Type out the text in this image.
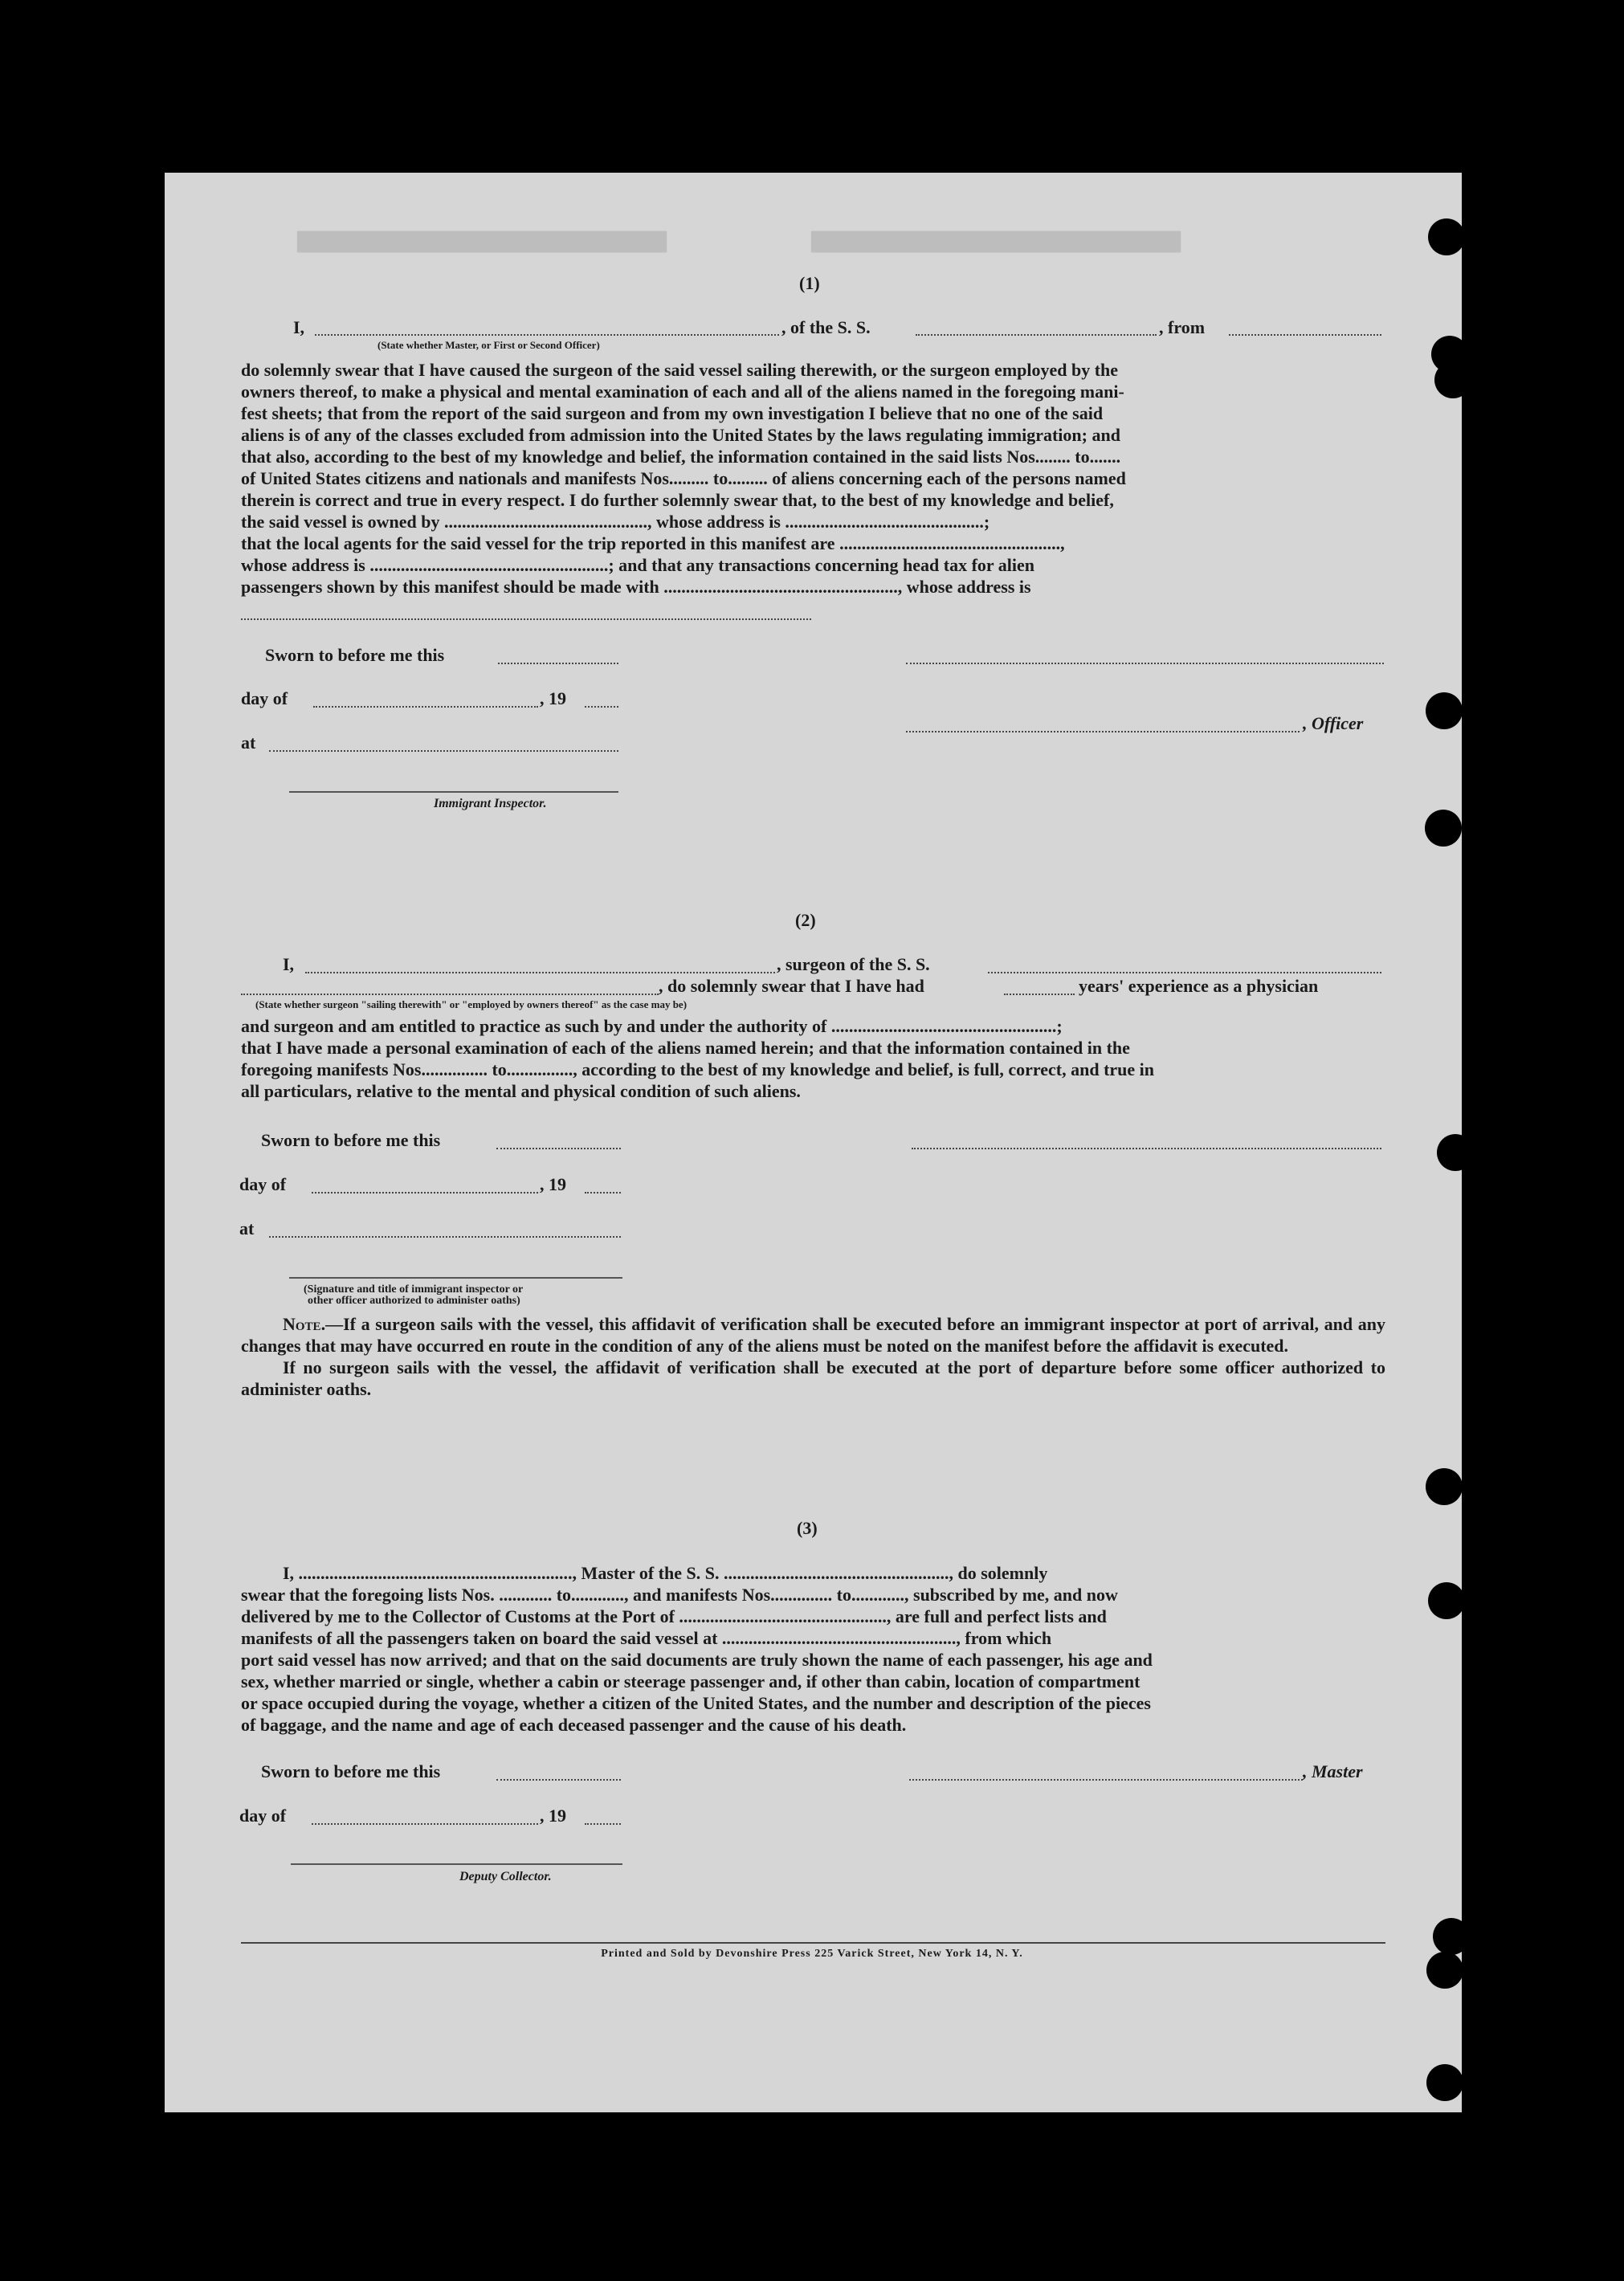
▇▇▇▇▇▇▇▇▇▇▇▇▇▇▇▇▇▇▇▇▇▇▇	▇▇▇▇▇▇▇▇▇▇▇▇▇▇▇▇▇▇▇▇▇▇▇
(1)
I,	, of the S. S.	, from
(State whether Master, or First or Second Officer)
do solemnly swear that I have caused the surgeon of the said vessel sailing therewith, or the surgeon employed by the
owners thereof, to make a physical and mental examination of each and all of the aliens named in the foregoing mani-
fest sheets; that from the report of the said surgeon and from my own investigation I believe that no one of the said
aliens is of any of the classes excluded from admission into the United States by the laws regulating immigration; and
that also, according to the best of my knowledge and belief, the information contained in the said lists Nos........ to.......
of United States citizens and nationals and manifests Nos......... to......... of aliens concerning each of the persons named
therein is correct and true in every respect. I do further solemnly swear that, to the best of my knowledge and belief,
the said vessel is owned by .............................................., whose address is .............................................;
that the local agents for the said vessel for the trip reported in this manifest are ..................................................,
whose address is ......................................................; and that any transactions concerning head tax for alien
passengers shown by this manifest should be made with ....................................................., whose address is
Sworn to before me this
day of	, 19
, Officer
at
Immigrant Inspector.
(2)
I,	, surgeon of the S. S.
, do solemnly swear that I have had	years' experience as a physician
(State whether surgeon "sailing therewith" or "employed by owners thereof" as the case may be)
and surgeon and am entitled to practice as such by and under the authority of ...................................................;
that I have made a personal examination of each of the aliens named herein; and that the information contained in the
foregoing manifests Nos............... to..............., according to the best of my knowledge and belief, is full, correct, and true in
all particulars, relative to the mental and physical condition of such aliens.
Sworn to before me this
day of	, 19
at
(Signature and title of immigrant inspector or
other officer authorized to administer oaths)
Note.—If a surgeon sails with the vessel, this affidavit of verification shall be executed before an immigrant inspector at port of arrival, and any changes that may have occurred en route in the condition of any of the aliens must be noted on the manifest before the affidavit is executed.
If no surgeon sails with the vessel, the affidavit of verification shall be executed at the port of departure before some officer authorized to administer oaths.
(3)
I, .............................................................., Master of the S. S. ..................................................., do solemnly
swear that the foregoing lists Nos. ............ to............, and manifests Nos.............. to............, subscribed by me, and now
delivered by me to the Collector of Customs at the Port of ..............................................., are full and perfect lists and
manifests of all the passengers taken on board the said vessel at ....................................................., from which
port said vessel has now arrived; and that on the said documents are truly shown the name of each passenger, his age and
sex, whether married or single, whether a cabin or steerage passenger and, if other than cabin, location of compartment
or space occupied during the voyage, whether a citizen of the United States, and the number and description of the pieces
of baggage, and the name and age of each deceased passenger and the cause of his death.
Sworn to before me this	, Master
day of	, 19
Deputy Collector.
Printed and Sold by Devonshire Press 225 Varick Street, New York 14, N. Y.
